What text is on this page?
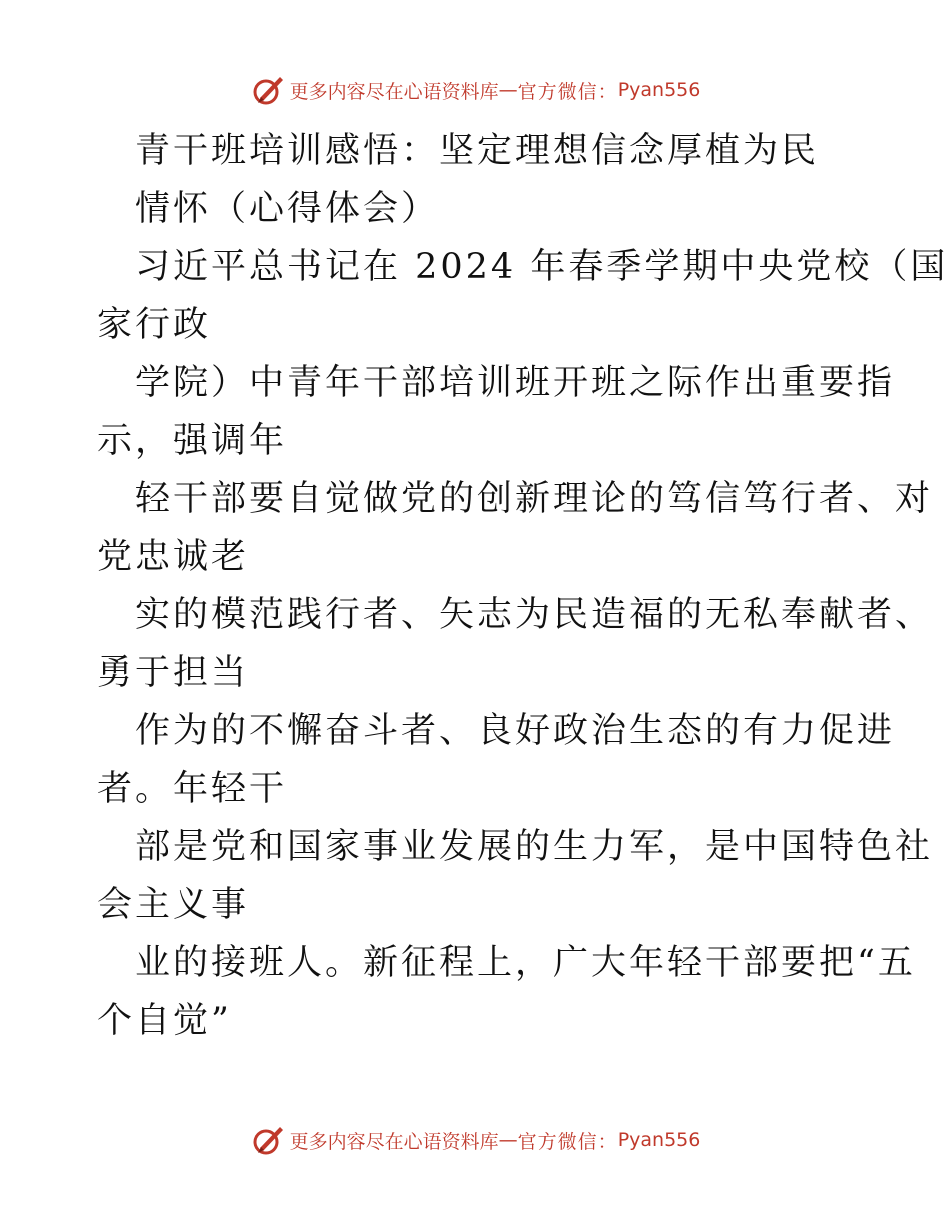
更多内容尽在心语资料库 — 官方微信： Pyan556
青干班培训感悟：坚定理想信念厚植为民
情怀（心得体会）
习近平总书记在 2024 年春季学期中央党校（国
家行政
学院）中青年干部培训班开班之际作出重要指
示，强调年
轻干部要自觉做党的创新理论的笃信笃行者、对
党忠诚老
实的模范践行者、矢志为民造福的无私奉献者、
勇于担当
作为的不懈奋斗者、良好政治生态的有力促进
者。年轻干
部是党和国家事业发展的生力军，是中国特色社
会主义事
业的接班人。新征程上，广大年轻干部要把“五
个自觉”
更多内容尽在心语资料库 — 官方微信： Pyan556
